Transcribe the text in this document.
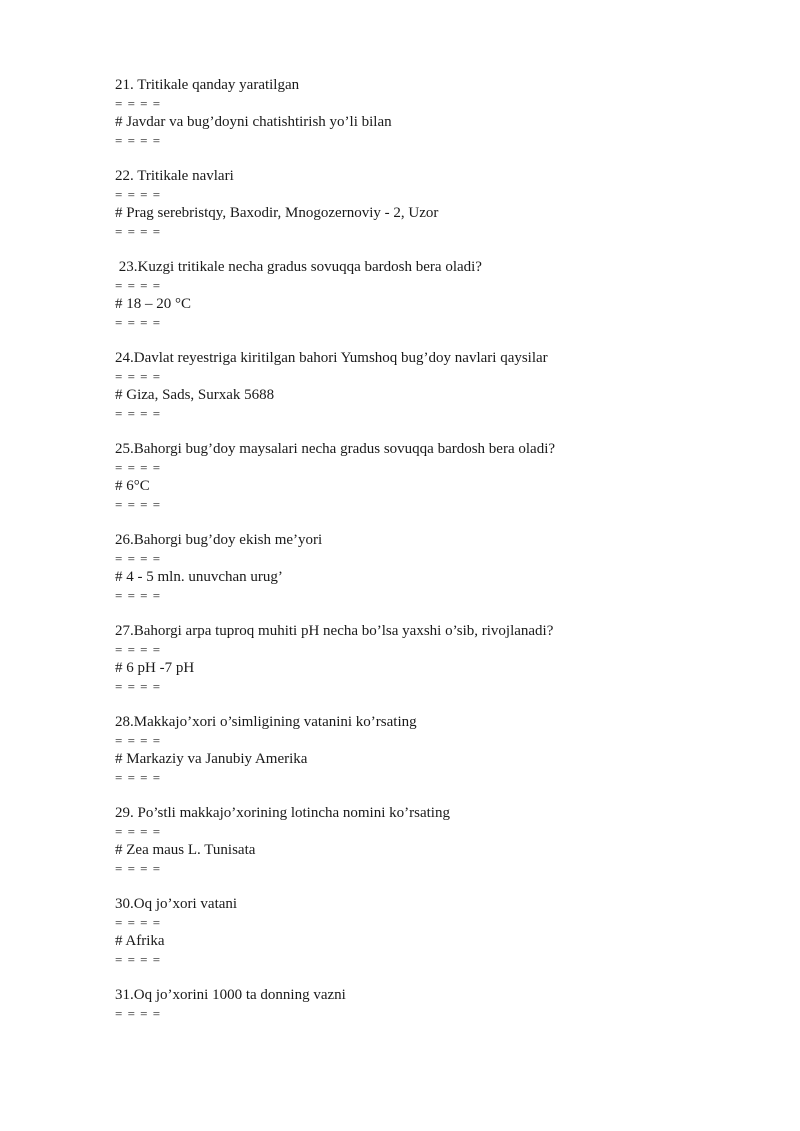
21. Tritikale qanday yaratilgan
= = = =
# Javdar va bug’doyni chatishtirish yo’li bilan
= = = =
22. Tritikale navlari
= = = =
# Prag serebristqy, Baxodir, Mnogozernoviy - 2, Uzor
= = = =
23.Kuzgi tritikale necha gradus sovuqqa bardosh bera oladi?
= = = =
# 18 – 20 °C
= = = =
24.Davlat reyestriga kiritilgan bahori Yumshoq bug’doy navlari qaysilar
= = = =
# Giza, Sads, Surxak 5688
= = = =
25.Bahorgi bug’doy maysalari necha gradus sovuqqa bardosh bera oladi?
= = = =
# 6°C
= = = =
26.Bahorgi bug’doy ekish me’yori
= = = =
# 4 - 5 mln. unuvchan urug’
= = = =
27.Bahorgi arpa tuproq muhiti pH necha bo’lsa yaxshi o’sib, rivojlanadi?
= = = =
# 6 pH -7 pH
= = = =
28.Makkajo’xori o’simligining vatanini ko’rsating
= = = =
# Markaziy va Janubiy Amerika
= = = =
29. Po’stli makkajo’xorining lotincha nomini ko’rsating
= = = =
# Zea maus L. Tunisata
= = = =
30.Oq jo’xori vatani
= = = =
# Afrika
= = = =
31.Oq jo’xorini 1000 ta donning vazni
= = = =
